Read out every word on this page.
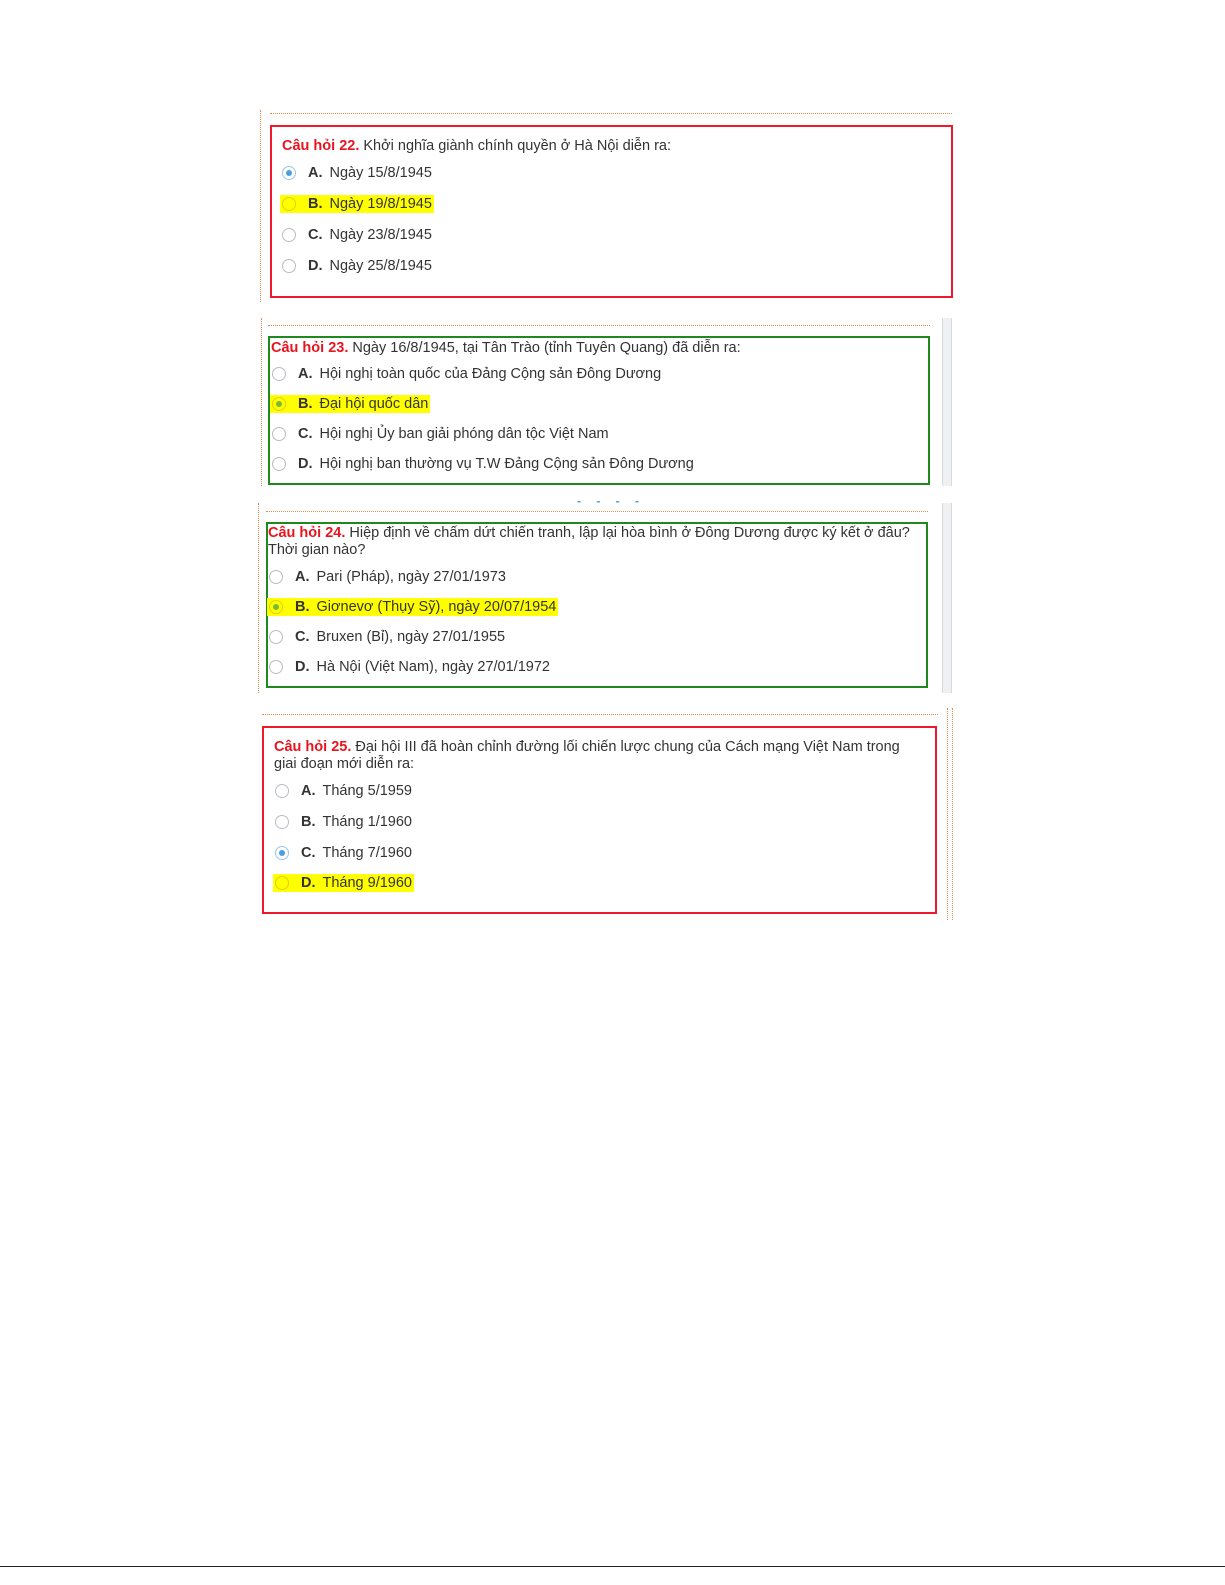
Câu hỏi 22. Khởi nghĩa giành chính quyền ở Hà Nội diễn ra:
A. Ngày 15/8/1945
B. Ngày 19/8/1945
C. Ngày 23/8/1945
D. Ngày 25/8/1945
Câu hỏi 23. Ngày 16/8/1945, tại Tân Trào (tỉnh Tuyên Quang) đã diễn ra:
A. Hội nghị toàn quốc của Đảng Cộng sản Đông Dương
B. Đại hội quốc dân
C. Hội nghị Ủy ban giải phóng dân tộc Việt Nam
D. Hội nghị ban thường vụ T.W Đảng Cộng sản Đông Dương
- - - -
Câu hỏi 24. Hiệp định về chấm dứt chiến tranh, lập lại hòa bình ở Đông Dương được ký kết ở đâu? Thời gian nào?
A. Pari (Pháp), ngày 27/01/1973
B. Giơnevơ (Thụy Sỹ), ngày 20/07/1954
C. Bruxen (Bỉ), ngày 27/01/1955
D. Hà Nội (Việt Nam), ngày 27/01/1972
Câu hỏi 25. Đại hội III đã hoàn chỉnh đường lối chiến lược chung của Cách mạng Việt Nam trong giai đoạn mới diễn ra:
A. Tháng 5/1959
B. Tháng 1/1960
C. Tháng 7/1960
D. Tháng 9/1960
